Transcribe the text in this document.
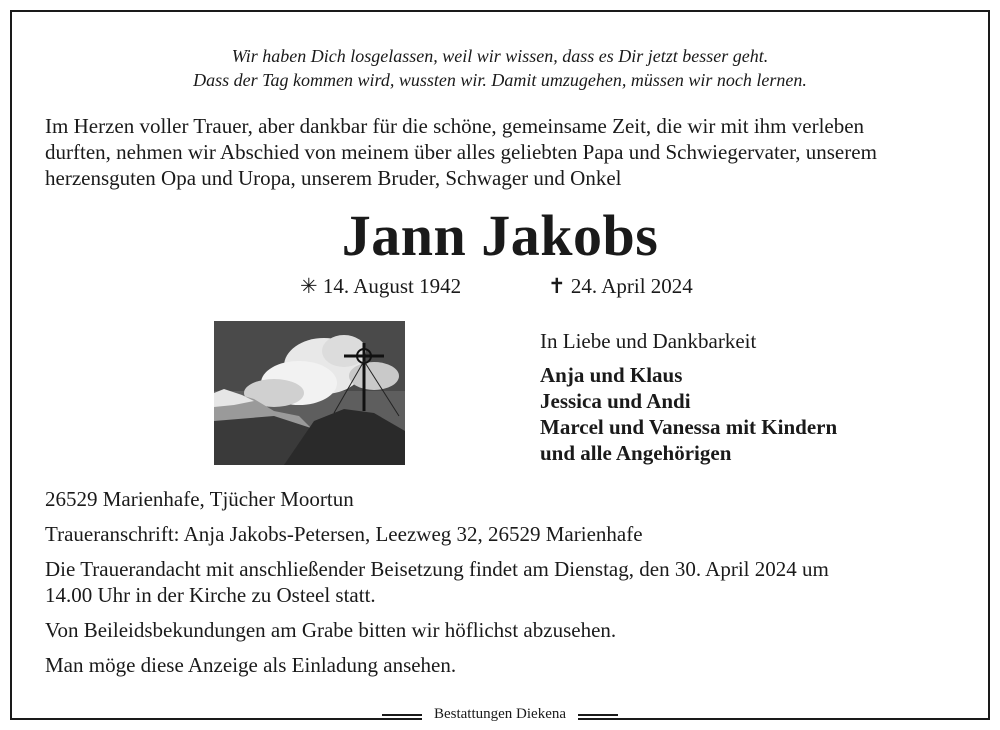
Wir haben Dich losgelassen, weil wir wissen, dass es Dir jetzt besser geht.
Dass der Tag kommen wird, wussten wir. Damit umzugehen, müssen wir noch lernen.
Im Herzen voller Trauer, aber dankbar für die schöne, gemeinsame Zeit, die wir mit ihm verleben
durften, nehmen wir Abschied von meinem über alles geliebten Papa und Schwiegervater, unserem
herzensguten Opa und Uropa, unserem Bruder, Schwager und Onkel
Jann Jakobs
✳ 14. August 1942	✝ 24. April 2024
In Liebe und Dankbarkeit
Anja und Klaus
Jessica und Andi
Marcel und Vanessa mit Kindern
und alle Angehörigen

26529 Marienhafe, Tjücher Moortun

Traueranschrift: Anja Jakobs-Petersen, Leezweg 32, 26529 Marienhafe

Die Trauerandacht mit anschließender Beisetzung findet am Dienstag, den 30. April 2024 um
14.00 Uhr in der Kirche zu Osteel statt.

Von Beileidsbekundungen am Grabe bitten wir höflichst abzusehen.

Man möge diese Anzeige als Einladung ansehen.

Bestattungen Diekena
